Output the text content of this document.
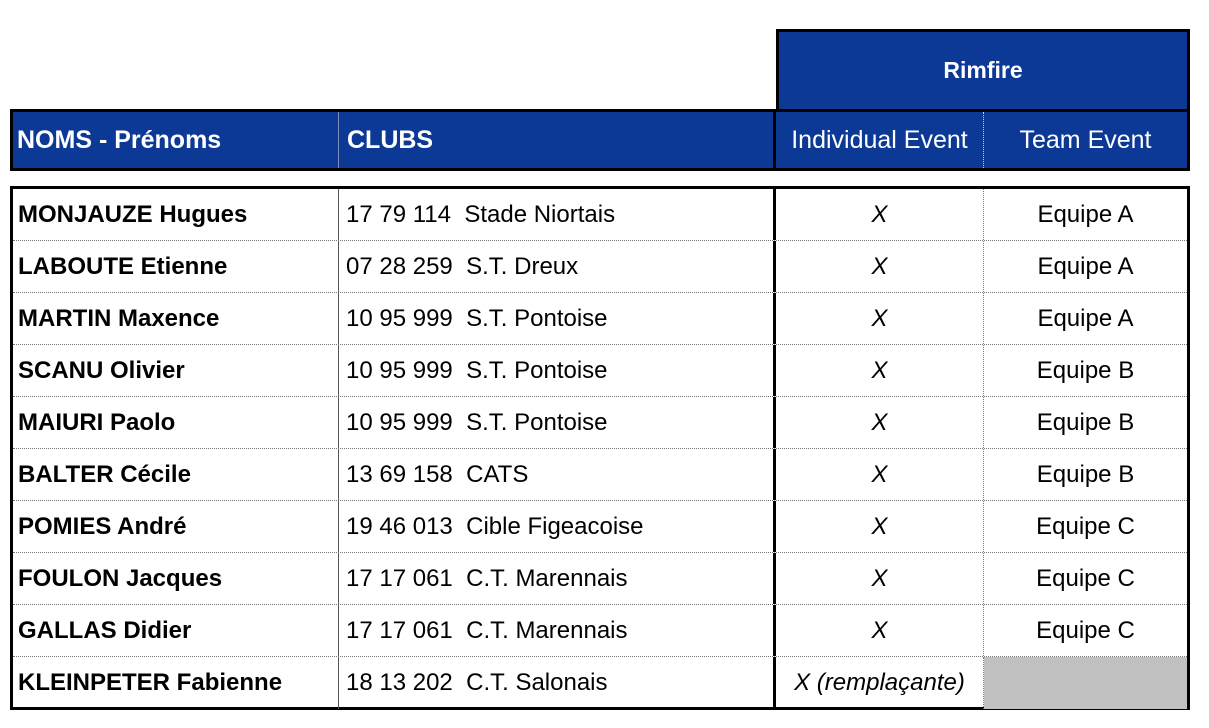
Rimfire
NOMS - Prénoms	CLUBS	Individual Event	Team Event
MONJAUZE Hugues	17 79 114  Stade Niortais	X	Equipe A
LABOUTE Etienne	07 28 259  S.T. Dreux	X	Equipe A
MARTIN Maxence	10 95 999  S.T. Pontoise	X	Equipe A
SCANU Olivier	10 95 999  S.T. Pontoise	X	Equipe B
MAIURI Paolo	10 95 999  S.T. Pontoise	X	Equipe B
BALTER Cécile	13 69 158  CATS	X	Equipe B
POMIES André	19 46 013  Cible Figeacoise	X	Equipe C
FOULON Jacques	17 17 061  C.T. Marennais	X	Equipe C
GALLAS Didier	17 17 061  C.T. Marennais	X	Equipe C
KLEINPETER Fabienne	18 13 202  C.T. Salonais	X (remplaçante)
